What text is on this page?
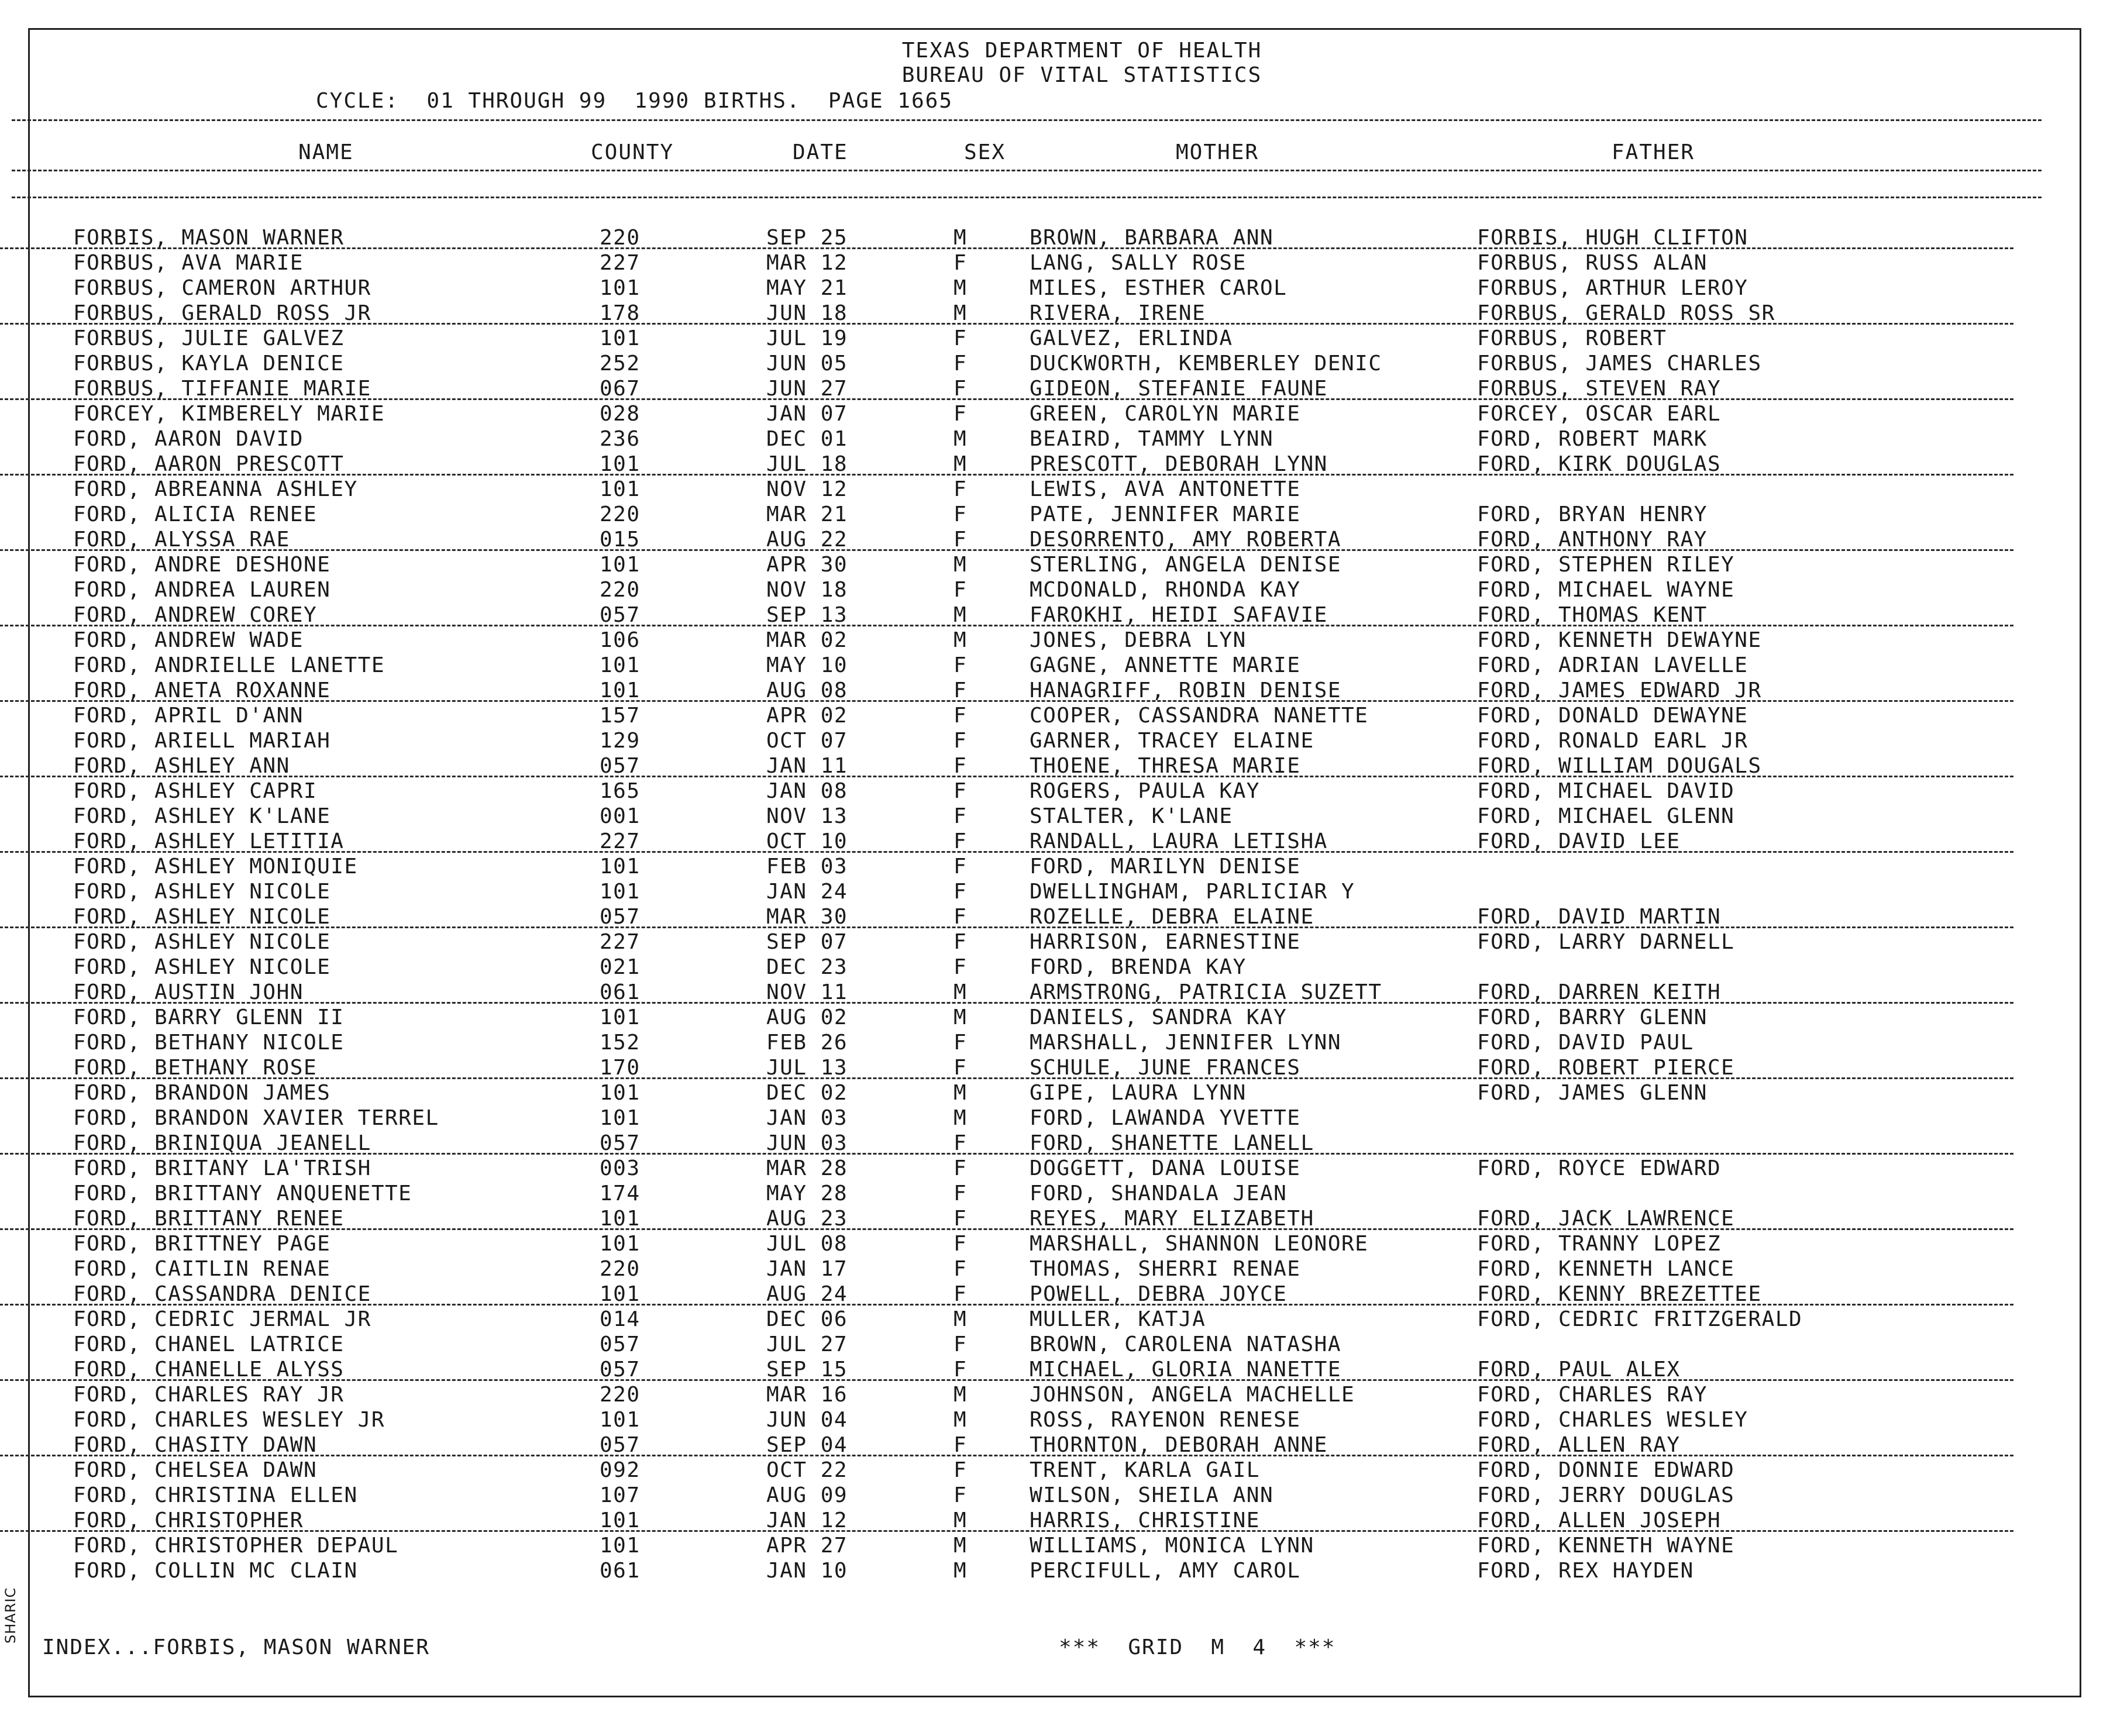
TEXAS DEPARTMENT OF HEALTH
BUREAU OF VITAL STATISTICS
CYCLE:  01 THROUGH 99  1990 BIRTHS.  PAGE 1665
NAME	COUNTY	DATE	SEX	MOTHER	FATHER
FORBIS, MASON WARNER	220	SEP 25	M	BROWN, BARBARA ANN	FORBIS, HUGH CLIFTON
FORBUS, AVA MARIE	227	MAR 12	F	LANG, SALLY ROSE	FORBUS, RUSS ALAN
FORBUS, CAMERON ARTHUR	101	MAY 21	M	MILES, ESTHER CAROL	FORBUS, ARTHUR LEROY
FORBUS, GERALD ROSS JR	178	JUN 18	M	RIVERA, IRENE	FORBUS, GERALD ROSS SR
FORBUS, JULIE GALVEZ	101	JUL 19	F	GALVEZ, ERLINDA	FORBUS, ROBERT
FORBUS, KAYLA DENICE	252	JUN 05	F	DUCKWORTH, KEMBERLEY DENIC	FORBUS, JAMES CHARLES
FORBUS, TIFFANIE MARIE	067	JUN 27	F	GIDEON, STEFANIE FAUNE	FORBUS, STEVEN RAY
FORCEY, KIMBERELY MARIE	028	JAN 07	F	GREEN, CAROLYN MARIE	FORCEY, OSCAR EARL
FORD, AARON DAVID	236	DEC 01	M	BEAIRD, TAMMY LYNN	FORD, ROBERT MARK
FORD, AARON PRESCOTT	101	JUL 18	M	PRESCOTT, DEBORAH LYNN	FORD, KIRK DOUGLAS
FORD, ABREANNA ASHLEY	101	NOV 12	F	LEWIS, AVA ANTONETTE
FORD, ALICIA RENEE	220	MAR 21	F	PATE, JENNIFER MARIE	FORD, BRYAN HENRY
FORD, ALYSSA RAE	015	AUG 22	F	DESORRENTO, AMY ROBERTA	FORD, ANTHONY RAY
FORD, ANDRE DESHONE	101	APR 30	M	STERLING, ANGELA DENISE	FORD, STEPHEN RILEY
FORD, ANDREA LAUREN	220	NOV 18	F	MCDONALD, RHONDA KAY	FORD, MICHAEL WAYNE
FORD, ANDREW COREY	057	SEP 13	M	FAROKHI, HEIDI SAFAVIE	FORD, THOMAS KENT
FORD, ANDREW WADE	106	MAR 02	M	JONES, DEBRA LYN	FORD, KENNETH DEWAYNE
FORD, ANDRIELLE LANETTE	101	MAY 10	F	GAGNE, ANNETTE MARIE	FORD, ADRIAN LAVELLE
FORD, ANETA ROXANNE	101	AUG 08	F	HANAGRIFF, ROBIN DENISE	FORD, JAMES EDWARD JR
FORD, APRIL D'ANN	157	APR 02	F	COOPER, CASSANDRA NANETTE	FORD, DONALD DEWAYNE
FORD, ARIELL MARIAH	129	OCT 07	F	GARNER, TRACEY ELAINE	FORD, RONALD EARL JR
FORD, ASHLEY ANN	057	JAN 11	F	THOENE, THRESA MARIE	FORD, WILLIAM DOUGALS
FORD, ASHLEY CAPRI	165	JAN 08	F	ROGERS, PAULA KAY	FORD, MICHAEL DAVID
FORD, ASHLEY K'LANE	001	NOV 13	F	STALTER, K'LANE	FORD, MICHAEL GLENN
FORD, ASHLEY LETITIA	227	OCT 10	F	RANDALL, LAURA LETISHA	FORD, DAVID LEE
FORD, ASHLEY MONIQUIE	101	FEB 03	F	FORD, MARILYN DENISE
FORD, ASHLEY NICOLE	101	JAN 24	F	DWELLINGHAM, PARLICIAR Y
FORD, ASHLEY NICOLE	057	MAR 30	F	ROZELLE, DEBRA ELAINE	FORD, DAVID MARTIN
FORD, ASHLEY NICOLE	227	SEP 07	F	HARRISON, EARNESTINE	FORD, LARRY DARNELL
FORD, ASHLEY NICOLE	021	DEC 23	F	FORD, BRENDA KAY
FORD, AUSTIN JOHN	061	NOV 11	M	ARMSTRONG, PATRICIA SUZETT	FORD, DARREN KEITH
FORD, BARRY GLENN II	101	AUG 02	M	DANIELS, SANDRA KAY	FORD, BARRY GLENN
FORD, BETHANY NICOLE	152	FEB 26	F	MARSHALL, JENNIFER LYNN	FORD, DAVID PAUL
FORD, BETHANY ROSE	170	JUL 13	F	SCHULE, JUNE FRANCES	FORD, ROBERT PIERCE
FORD, BRANDON JAMES	101	DEC 02	M	GIPE, LAURA LYNN	FORD, JAMES GLENN
FORD, BRANDON XAVIER TERREL	101	JAN 03	M	FORD, LAWANDA YVETTE
FORD, BRINIQUA JEANELL	057	JUN 03	F	FORD, SHANETTE LANELL
FORD, BRITANY LA'TRISH	003	MAR 28	F	DOGGETT, DANA LOUISE	FORD, ROYCE EDWARD
FORD, BRITTANY ANQUENETTE	174	MAY 28	F	FORD, SHANDALA JEAN
FORD, BRITTANY RENEE	101	AUG 23	F	REYES, MARY ELIZABETH	FORD, JACK LAWRENCE
FORD, BRITTNEY PAGE	101	JUL 08	F	MARSHALL, SHANNON LEONORE	FORD, TRANNY LOPEZ
FORD, CAITLIN RENAE	220	JAN 17	F	THOMAS, SHERRI RENAE	FORD, KENNETH LANCE
FORD, CASSANDRA DENICE	101	AUG 24	F	POWELL, DEBRA JOYCE	FORD, KENNY BREZETTEE
FORD, CEDRIC JERMAL JR	014	DEC 06	M	MULLER, KATJA	FORD, CEDRIC FRITZGERALD
FORD, CHANEL LATRICE	057	JUL 27	F	BROWN, CAROLENA NATASHA
FORD, CHANELLE ALYSS	057	SEP 15	F	MICHAEL, GLORIA NANETTE	FORD, PAUL ALEX
FORD, CHARLES RAY JR	220	MAR 16	M	JOHNSON, ANGELA MACHELLE	FORD, CHARLES RAY
FORD, CHARLES WESLEY JR	101	JUN 04	M	ROSS, RAYENON RENESE	FORD, CHARLES WESLEY
FORD, CHASITY DAWN	057	SEP 04	F	THORNTON, DEBORAH ANNE	FORD, ALLEN RAY
FORD, CHELSEA DAWN	092	OCT 22	F	TRENT, KARLA GAIL	FORD, DONNIE EDWARD
FORD, CHRISTINA ELLEN	107	AUG 09	F	WILSON, SHEILA ANN	FORD, JERRY DOUGLAS
FORD, CHRISTOPHER	101	JAN 12	M	HARRIS, CHRISTINE	FORD, ALLEN JOSEPH
FORD, CHRISTOPHER DEPAUL	101	APR 27	M	WILLIAMS, MONICA LYNN	FORD, KENNETH WAYNE
FORD, COLLIN MC CLAIN	061	JAN 10	M	PERCIFULL, AMY CAROL	FORD, REX HAYDEN
INDEX...FORBIS, MASON WARNER	***  GRID  M  4  ***
SHARIC
